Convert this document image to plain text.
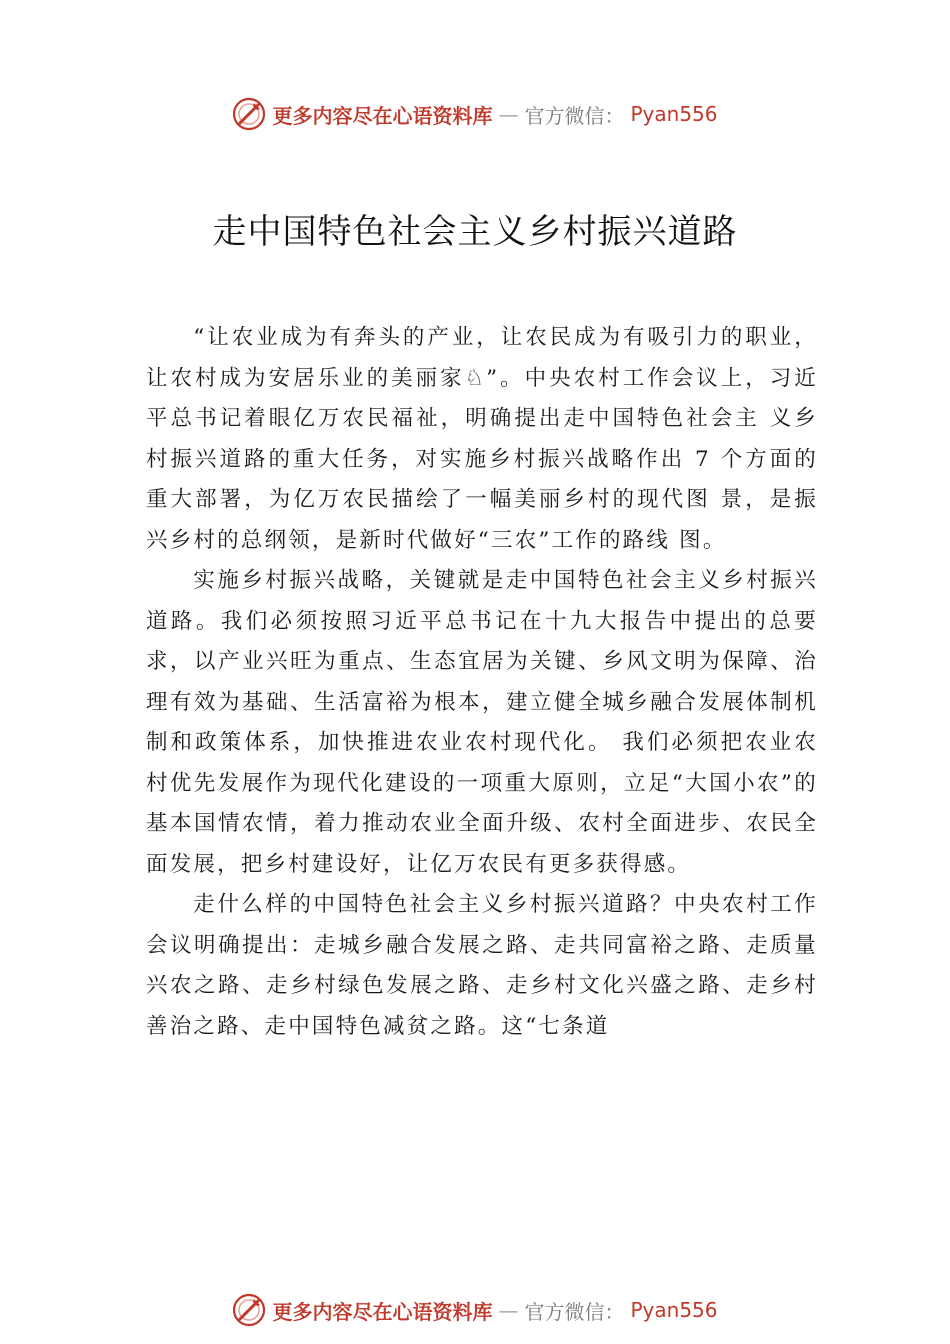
更多内容尽在心语资料库 — 官方微信： Pyan556
走中国特色社会主义乡村振兴道路

“让农业成为有奔头的产业，让农民成为有吸引力的职业，让农村成为安居乐业的美丽家♘”。中央农村工作会议上，习近平总书记着眼亿万农民福祉，明确提出走中国特色社会主 义乡村振兴道路的重大任务，对实施乡村振兴战略作出 7 个方面的重大部署，为亿万农民描绘了一幅美丽乡村的现代图 景，是振兴乡村的总纲领，是新时代做好“三农”工作的路线 图。

实施乡村振兴战略，关键就是走中国特色社会主义乡村振兴道路。我们必须按照习近平总书记在十九大报告中提出的总要求，以产业兴旺为重点、生态宜居为关键、乡风文明为保障、治理有效为基础、生活富裕为根本，建立健全城乡融合发展体制机制和政策体系，加快推进农业农村现代化。 我们必须把农业农村优先发展作为现代化建设的一项重大原则，立足“大国小农”的基本国情农情，着力推动农业全面升级、农村全面进步、农民全面发展，把乡村建设好，让亿万农民有更多获得感。

走什么样的中国特色社会主义乡村振兴道路？中央农村工作会议明确提出：走城乡融合发展之路、走共同富裕之路、走质量兴农之路、走乡村绿色发展之路、走乡村文化兴盛之路、走乡村善治之路、走中国特色减贫之路。这“七条道

更多内容尽在心语资料库 — 官方微信： Pyan556
